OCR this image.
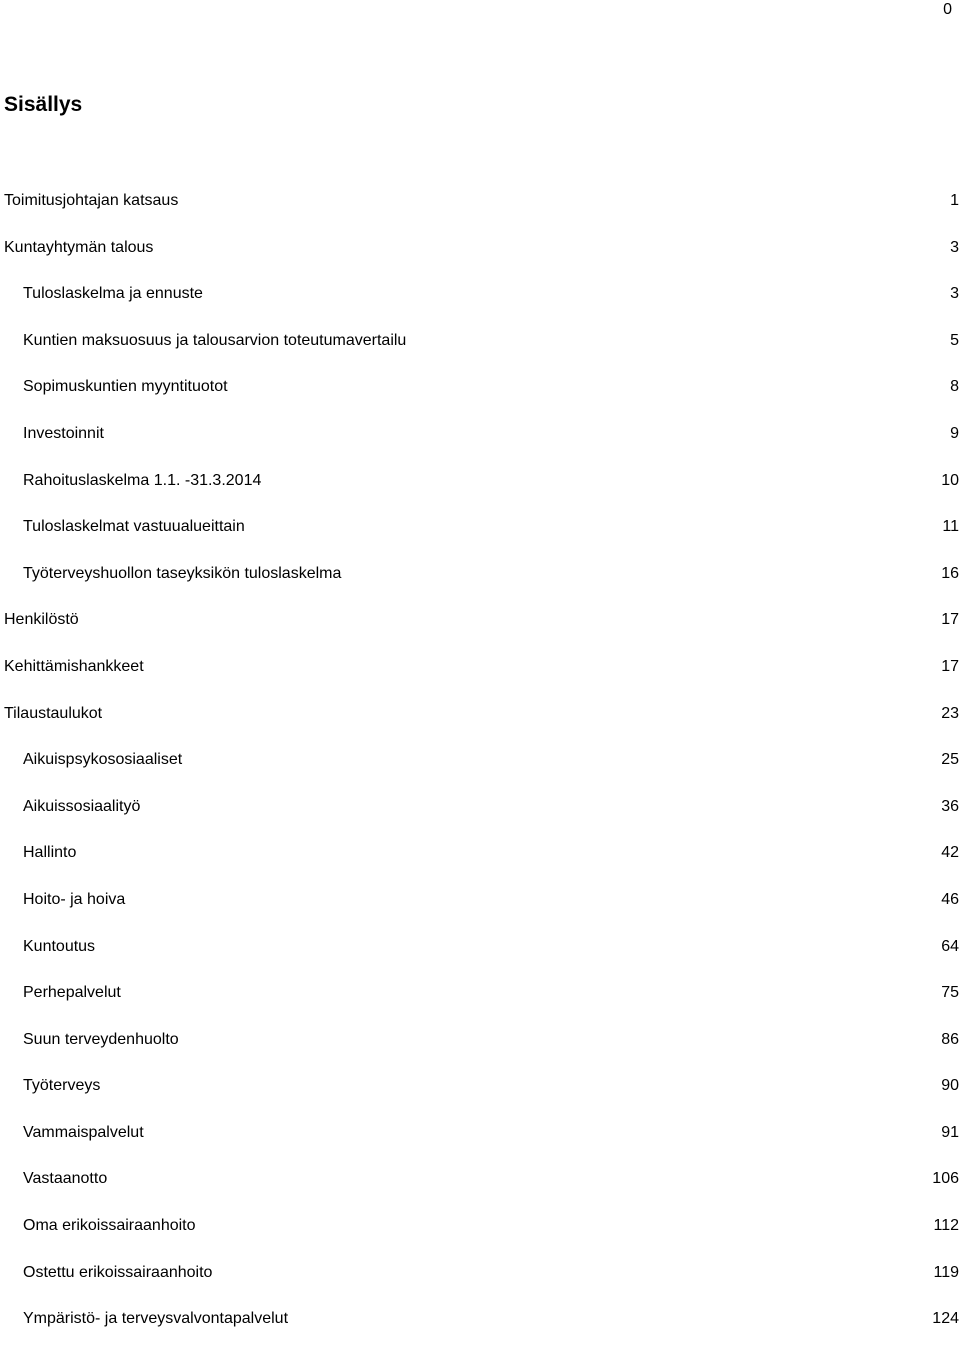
0
Sisällys
Toimitusjohtajan katsaus	1
Kuntayhtymän talous	3
Tuloslaskelma ja ennuste	3
Kuntien maksuosuus ja talousarvion toteutumavertailu	5
Sopimuskuntien myyntituotot	8
Investoinnit	9
Rahoituslaskelma 1.1. -31.3.2014	10
Tuloslaskelmat vastuualueittain	11
Työterveyshuollon taseyksikön tuloslaskelma	16
Henkilöstö	17
Kehittämishankkeet	17
Tilaustaulukot	23
Aikuispsykososiaaliset	25
Aikuissosiaalityö	36
Hallinto	42
Hoito- ja hoiva	46
Kuntoutus	64
Perhepalvelut	75
Suun terveydenhuolto	86
Työterveys	90
Vammaispalvelut	91
Vastaanotto	106
Oma erikoissairaanhoito	112
Ostettu erikoissairaanhoito	119
Ympäristö- ja terveysvalvontapalvelut	124
